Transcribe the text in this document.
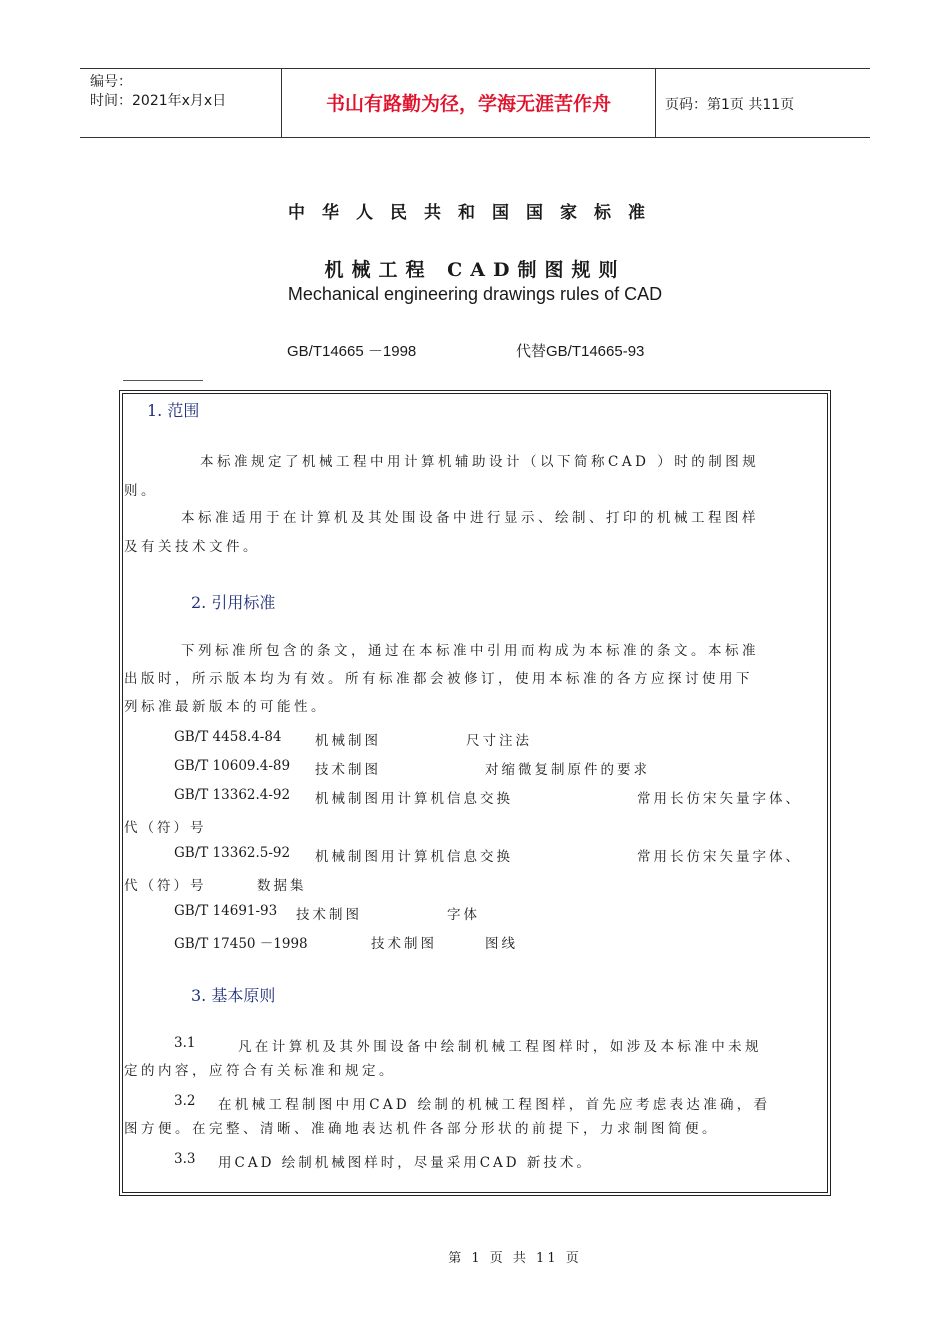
编号：
时间：2021年x月x日	书山有路勤为径，学海无涯苦作舟	页码：第1页 共11页
中华人民共和国国家标准
机械工程 CAD制图规则
Mechanical engineering drawings rules of CAD
GB/T14665 －1998	代替GB/T14665-93
1. 范围
本标准规定了机械工程中用计算机辅助设计（以下简称CAD ）时的制图规
则。
本标准适用于在计算机及其处围设备中进行显示、绘制、打印的机械工程图样
及有关技术文件。
2. 引用标准
下列标准所包含的条文，通过在本标准中引用而构成为本标准的条文。本标准
出版时，所示版本均为有效。所有标准都会被修订，使用本标准的各方应探讨使用下
列标准最新版本的可能性。
GB/T 4458.4-84 机械制图	尺寸注法
GB/T 10609.4-89 技术制图	对缩微复制原件的要求
GB/T 13362.4-92 机械制图用计算机信息交换	常用长仿宋矢量字体、
代（符）号
GB/T 13362.5-92 机械制图用计算机信息交换	常用长仿宋矢量字体、
代（符）号	数据集
GB/T 14691-93 技术制图	字体
GB/T 17450 －1998	技术制图	图线
3. 基本原则
3.1	凡在计算机及其外围设备中绘制机械工程图样时，如涉及本标准中未规
定的内容，应符合有关标准和规定。
3.2 在机械工程制图中用CAD 绘制的机械工程图样，首先应考虑表达准确，看
图方便。在完整、清晰、准确地表达机件各部分形状的前提下，力求制图简便。
3.3 用CAD 绘制机械图样时，尽量采用CAD 新技术。
第 1 页 共 11 页
